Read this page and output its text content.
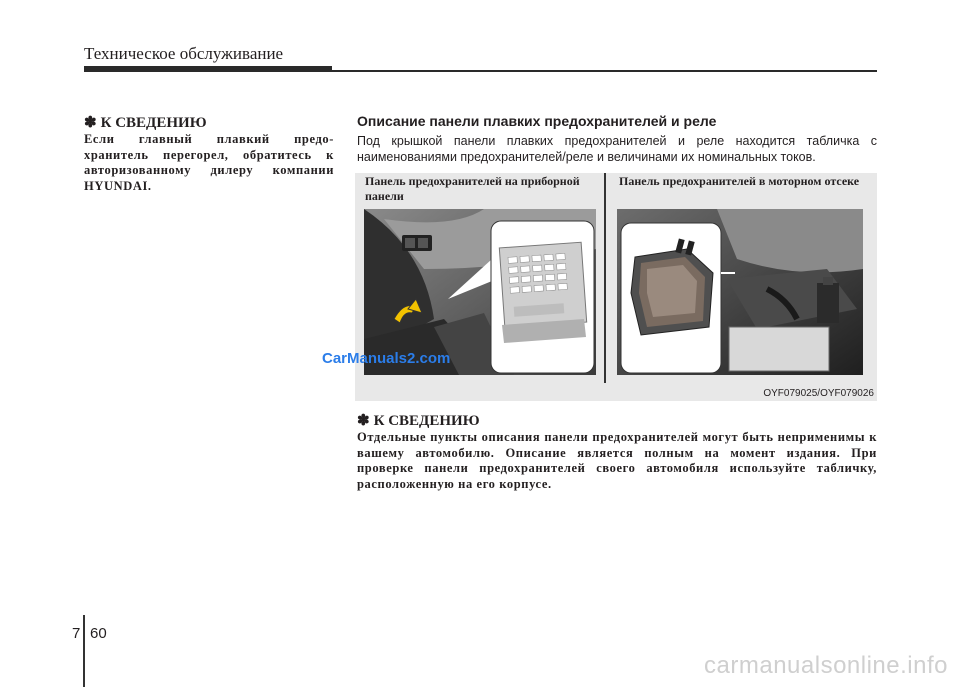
Техническое обслуживание
✽ К СВЕДЕНИЮ
Если главный плавкий предо-хранитель перегорел, обратитесь к авторизованному дилеру компании HYUNDAI.
Описание панели плавких предохранителей и реле
Под крышкой панели плавких предохранителей и реле находится табличка с наименованиями предохранителей/реле и величинами их номинальных токов.
Панель предохранителей на приборной панели
Панель предохранителей в моторном отсеке
OYF079025/OYF079026
CarManuals2.com
✽ К СВЕДЕНИЮ
Отдельные пункты описания панели предохранителей могут быть неприменимы к вашему автомобилю. Описание является полным на момент издания. При проверке панели предохранителей своего автомобиля используйте табличку, расположенную на его корпусе.
7 60
carmanualsonline.info
